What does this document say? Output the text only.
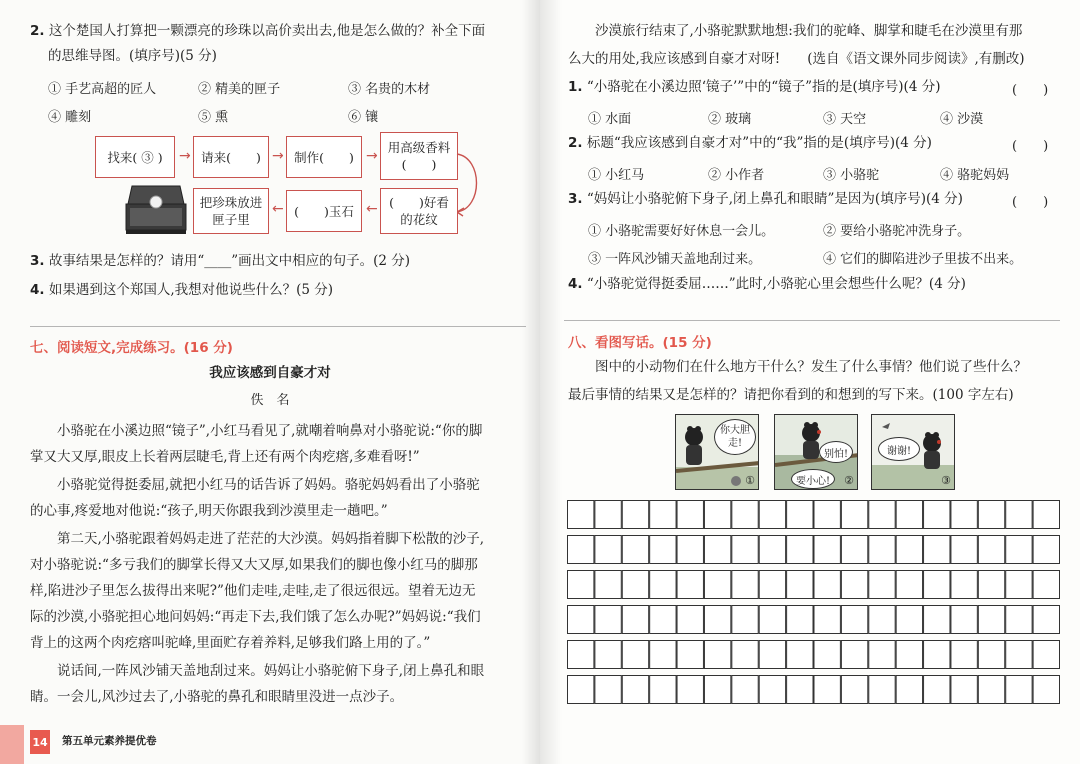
2. 这个楚国人打算把一颗漂亮的珍珠以高价卖出去,他是怎么做的？补全下面
的思维导图。(填序号)(5 分)
① 手艺高超的匠人	② 精美的匣子	③ 名贵的木材
④ 雕刻	⑤ 熏	⑥ 镶
找来( ③ )	→ 请来(　　) → 制作(　　) →
用高级香料
(　　)
(　　)好看
的花纹
←
(　　)玉石
←
把珍珠放进
匣子里
3. 故事结果是怎样的？请用“____”画出文中相应的句子。(2 分)
4. 如果遇到这个郑国人,我想对他说些什么？(5 分)
七、阅读短文,完成练习。(16 分)
我应该感到自豪才对
佚　名
　　小骆驼在小溪边照“镜子”,小红马看见了,就嘲着响鼻对小骆驼说:“你的脚
掌又大又厚,眼皮上长着两层睫毛,背上还有两个肉疙瘩,多难看呀!”
　　小骆驼觉得挺委屈,就把小红马的话告诉了妈妈。骆驼妈妈看出了小骆驼
的心事,疼爱地对他说:“孩子,明天你跟我到沙漠里走一趟吧。”
　　第二天,小骆驼跟着妈妈走进了茫茫的大沙漠。妈妈指着脚下松散的沙子,
对小骆驼说:“多亏我们的脚掌长得又大又厚,如果我们的脚也像小红马的脚那
样,陷进沙子里怎么拔得出来呢?”他们走哇,走哇,走了很远很远。望着无边无
际的沙漠,小骆驼担心地问妈妈:“再走下去,我们饿了怎么办呢?”妈妈说:“我们
背上的这两个肉疙瘩叫驼峰,里面贮存着养料,足够我们路上用的了。”
　　说话间,一阵风沙铺天盖地刮过来。妈妈让小骆驼俯下身子,闭上鼻孔和眼
睛。一会儿,风沙过去了,小骆驼的鼻孔和眼睛里没进一点沙子。
14 第五单元素养提优卷
　　沙漠旅行结束了,小骆驼默默地想:我们的驼峰、脚掌和睫毛在沙漠里有那
么大的用处,我应该感到自豪才对呀!　　(选自《语文课外同步阅读》,有删改)
1. “小骆驼在小溪边照‘镜子’”中的“镜子”指的是(填序号)(4 分)	(　　)
① 水面	② 玻璃	③ 天空	④ 沙漠
2. 标题“我应该感到自豪才对”中的“我”指的是(填序号)(4 分)	(　　)
① 小红马	② 小作者	③ 小骆驼	④ 骆驼妈妈
3. “妈妈让小骆驼俯下身子,闭上鼻孔和眼睛”是因为(填序号)(4 分)	(　　)
① 小骆驼需要好好休息一会儿。	② 要给小骆驼冲洗身子。
③ 一阵风沙铺天盖地刮过来。	④ 它们的脚陷进沙子里拔不出来。
4. “小骆驼觉得挺委屈……”此时,小骆驼心里会想些什么呢？(4 分)
八、看图写话。(15 分)
　　图中的小动物们在什么地方干什么？发生了什么事情？他们说了些什么？
最后事情的结果又是怎样的？请把你看到的和想到的写下来。(100 字左右)
你大胆走!
①
别怕!
要小心!	②
谢谢!
③
